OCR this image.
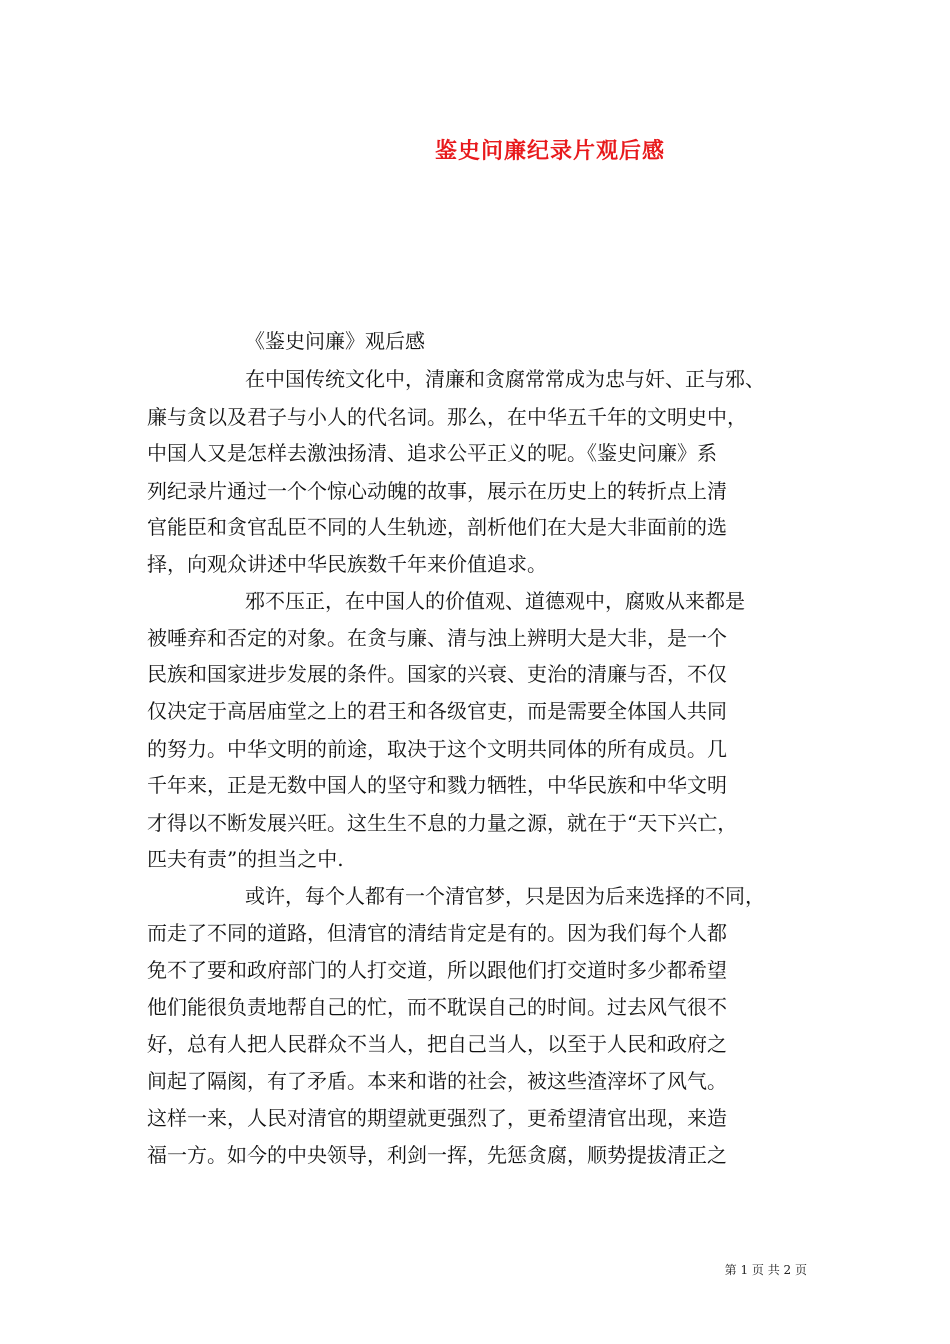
鉴史问廉纪录片观后感
《鉴史问廉》观后感
在中国传统文化中，清廉和贪腐常常成为忠与奸、正与邪、
廉与贪以及君子与小人的代名词。那么，在中华五千年的文明史中，
中国人又是怎样去激浊扬清、追求公平正义的呢。《鉴史问廉》系
列纪录片通过一个个惊心动魄的故事，展示在历史上的转折点上清
官能臣和贪官乱臣不同的人生轨迹，剖析他们在大是大非面前的选
择，向观众讲述中华民族数千年来价值追求。
邪不压正，在中国人的价值观、道德观中，腐败从来都是
被唾弃和否定的对象。在贪与廉、清与浊上辨明大是大非，是一个
民族和国家进步发展的条件。国家的兴衰、吏治的清廉与否，不仅
仅决定于高居庙堂之上的君王和各级官吏，而是需要全体国人共同
的努力。中华文明的前途，取决于这个文明共同体的所有成员。几
千年来，正是无数中国人的坚守和戮力牺牲，中华民族和中华文明
才得以不断发展兴旺。这生生不息的力量之源，就在于“天下兴亡，
匹夫有责”的担当之中.
或许，每个人都有一个清官梦，只是因为后来选择的不同，
而走了不同的道路，但清官的清结肯定是有的。因为我们每个人都
免不了要和政府部门的人打交道，所以跟他们打交道时多少都希望
他们能很负责地帮自己的忙，而不耽误自己的时间。过去风气很不
好，总有人把人民群众不当人，把自己当人，以至于人民和政府之
间起了隔阂，有了矛盾。本来和谐的社会，被这些渣滓坏了风气。
这样一来，人民对清官的期望就更强烈了，更希望清官出现，来造
福一方。如今的中央领导，利剑一挥，先惩贪腐，顺势提拔清正之
第 1 页 共 2 页
